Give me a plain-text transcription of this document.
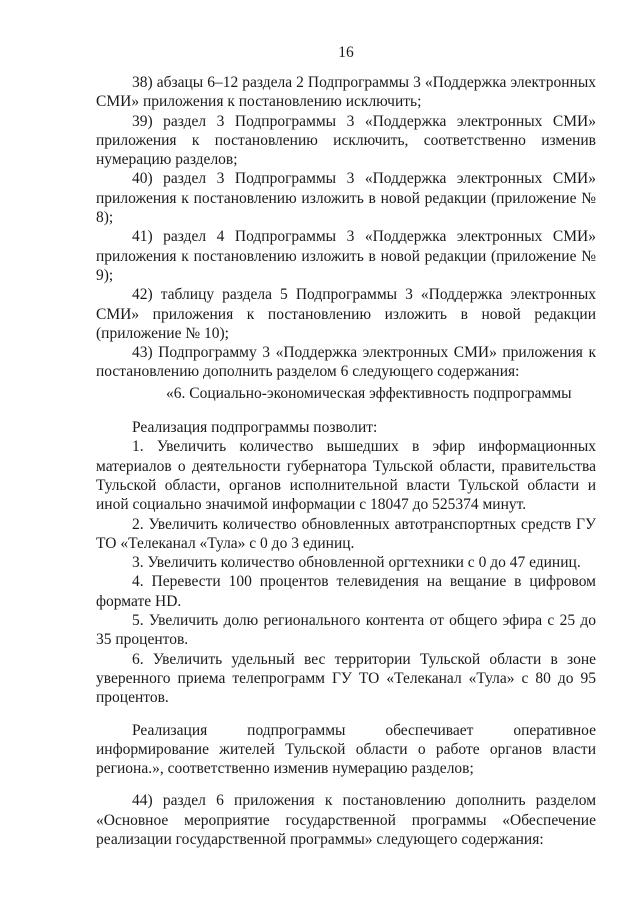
16

38) абзацы 6–12 раздела 2 Подпрограммы 3 «Поддержка электронных СМИ» приложения к постановлению исключить;

39) раздел 3 Подпрограммы 3 «Поддержка электронных СМИ» приложения к постановлению исключить, соответственно изменив нумерацию разделов;

40) раздел 3 Подпрограммы 3 «Поддержка электронных СМИ» приложения к постановлению изложить в новой редакции (приложение № 8);

41) раздел 4 Подпрограммы 3 «Поддержка электронных СМИ» приложения к постановлению изложить в новой редакции (приложение № 9);

42) таблицу раздела 5 Подпрограммы 3 «Поддержка электронных СМИ» приложения к постановлению изложить в новой редакции (приложение № 10);

43) Подпрограмму 3 «Поддержка электронных СМИ» приложения к постановлению дополнить разделом 6 следующего содержания:

«6. Социально-экономическая эффективность подпрограммы

Реализация подпрограммы позволит:

1. Увеличить количество вышедших в эфир информационных материалов о деятельности губернатора Тульской области, правительства Тульской области, органов исполнительной власти Тульской области и иной социально значимой информации с 18047 до 525374 минут.

2. Увеличить количество обновленных автотранспортных средств ГУ ТО «Телеканал «Тула» с 0 до 3 единиц.

3. Увеличить количество обновленной оргтехники с 0 до 47 единиц.

4. Перевести 100 процентов телевидения на вещание в цифровом формате HD.

5. Увеличить долю регионального контента от общего эфира с 25 до 35 процентов.

6. Увеличить удельный вес территории Тульской области в зоне уверенного приема телепрограмм ГУ ТО «Телеканал «Тула» с 80 до 95 процентов.

Реализация подпрограммы обеспечивает оперативное информирование жителей Тульской области о работе органов власти региона.», соответственно изменив нумерацию разделов;

44) раздел 6 приложения к постановлению дополнить разделом «Основное мероприятие государственной программы «Обеспечение реализации государственной программы» следующего содержания:
